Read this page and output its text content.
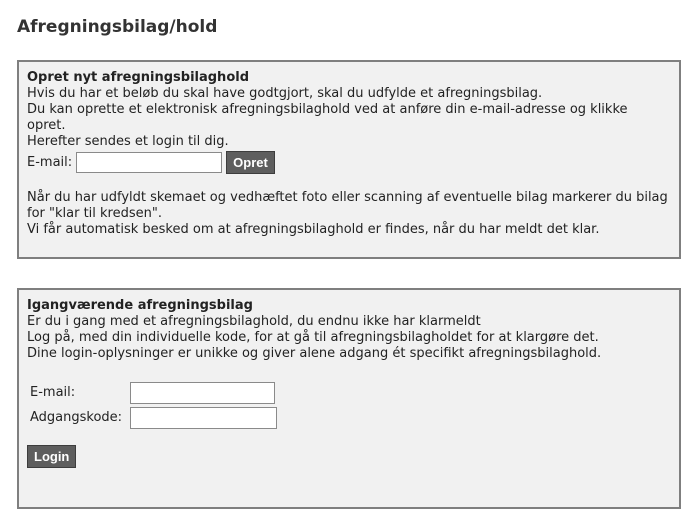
Afregningsbilag/hold
Opret nyt afregningsbilaghold
Hvis du har et beløb du skal have godtgjort, skal du udfylde et afregningsbilag.
Du kan oprette et elektronisk afregningsbilaghold ved at anføre din e-mail-adresse og klikke
opret.
Herefter sendes et login til dig.
E-mail:	Opret
Når du har udfyldt skemaet og vedhæftet foto eller scanning af eventuelle bilag markerer du bilag
for "klar til kredsen".
Vi får automatisk besked om at afregningsbilaghold er findes, når du har meldt det klar.
Igangværende afregningsbilag
Er du i gang med et afregningsbilaghold, du endnu ikke har klarmeldt
Log på, med din individuelle kode, for at gå til afregningsbilagholdet for at klargøre det.
Dine login-oplysninger er unikke og giver alene adgang ét specifikt afregningsbilaghold.
E-mail:
Adgangskode:
Login
